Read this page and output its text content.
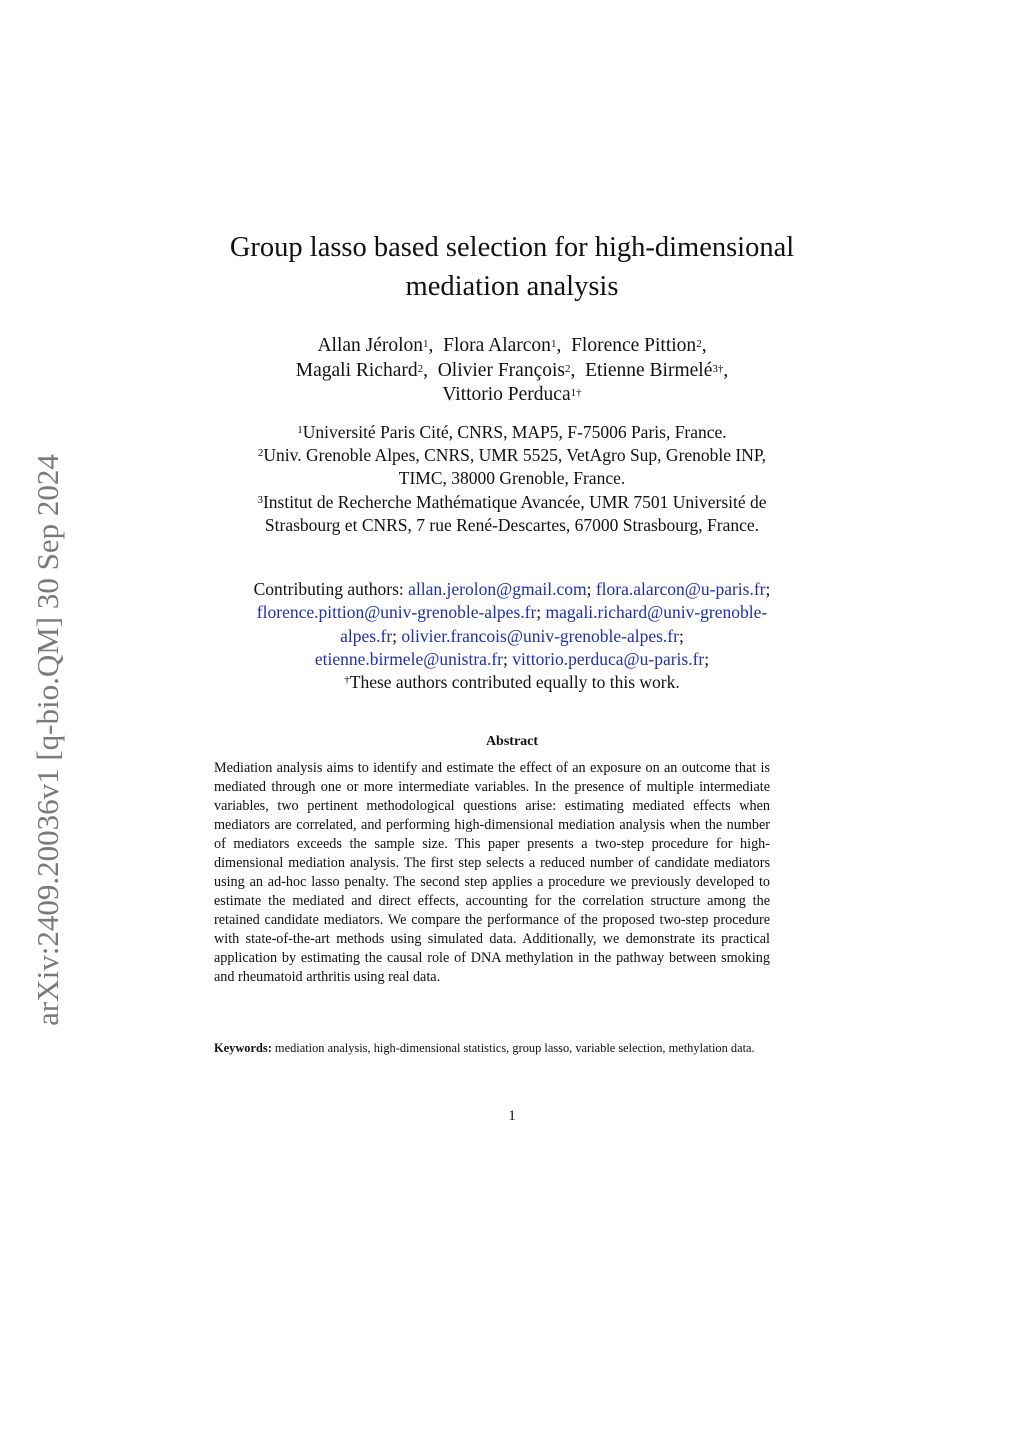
arXiv:2409.20036v1 [q-bio.QM] 30 Sep 2024
Group lasso based selection for high-dimensional
mediation analysis
Allan Jérolon$^1$,  Flora Alarcon$^1$,  Florence Pittion$^2$,
Magali Richard$^2$,  Olivier François$^2$,  Etienne Birmelé$^{3\dagger}$,
Vittorio Perduca$^{1\dagger}$
$^1$Université Paris Cité, CNRS, MAP5, F-75006 Paris, France.
$^2$Univ. Grenoble Alpes, CNRS, UMR 5525, VetAgro Sup, Grenoble INP,
TIMC, 38000 Grenoble, France.
$^3$Institut de Recherche Mathématique Avancée, UMR 7501 Université de
Strasbourg et CNRS, 7 rue René-Descartes, 67000 Strasbourg, France.
Contributing authors: allan.jerolon@gmail.com; flora.alarcon@u-paris.fr;
florence.pittion@univ-grenoble-alpes.fr; magali.richard@univ-grenoble-
alpes.fr; olivier.francois@univ-grenoble-alpes.fr;
etienne.birmele@unistra.fr; vittorio.perduca@u-paris.fr;
†These authors contributed equally to this work.
Abstract
Mediation analysis aims to identify and estimate the effect of an exposure on an outcome that is mediated through one or more intermediate variables. In the presence of multiple intermediate variables, two pertinent methodological questions arise: estimating mediated effects when mediators are correlated, and performing high-dimensional mediation analysis when the number of mediators exceeds the sample size. This paper presents a two-step procedure for high-dimensional mediation analysis. The first step selects a reduced number of candidate mediators using an ad-hoc lasso penalty. The second step applies a procedure we previously developed to estimate the mediated and direct effects, accounting for the correlation structure among the retained candidate mediators. We compare the performance of the proposed two-step procedure with state-of-the-art methods using simulated data. Additionally, we demonstrate its practical application by estimating the causal role of DNA methylation in the pathway between smoking and rheumatoid arthritis using real data.
Keywords: mediation analysis, high-dimensional statistics, group lasso, variable selection, methylation data.
1
